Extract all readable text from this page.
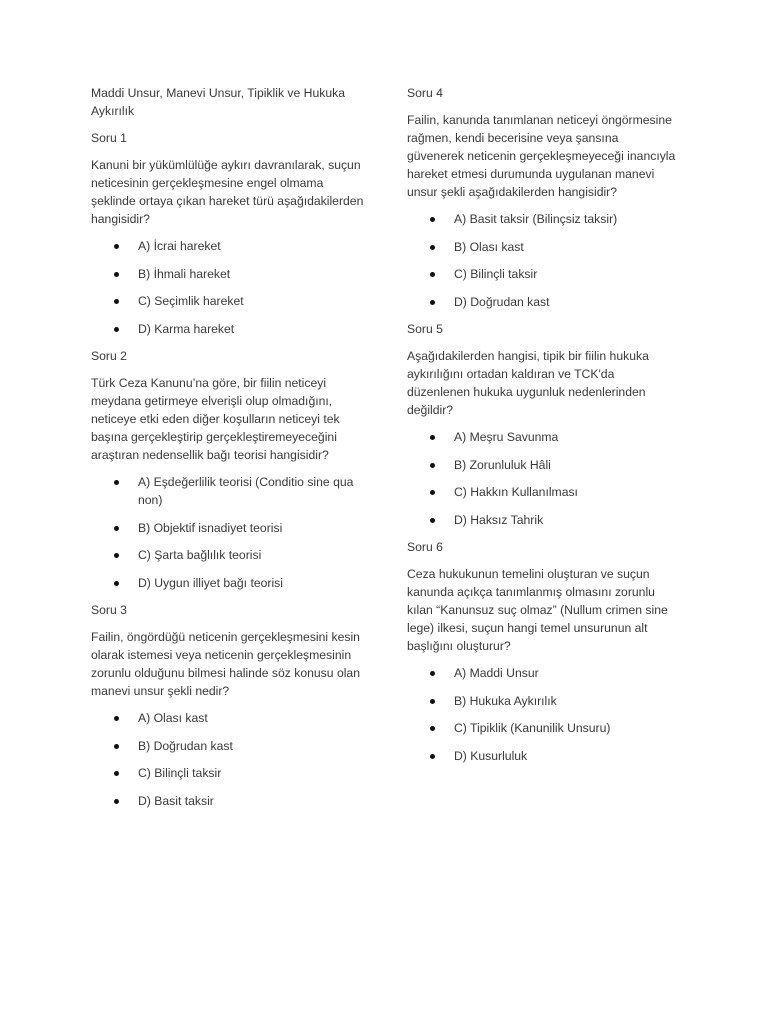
Maddi Unsur, Manevi Unsur, Tipiklik ve Hukuka Aykırılık

Soru 1

Kanuni bir yükümlülüğe aykırı davranılarak, suçun neticesinin gerçekleşmesine engel olmama şeklinde ortaya çıkan hareket türü aşağıdakilerden hangisidir?

A) İcrai hareket
B) İhmali hareket
C) Seçimlik hareket
D) Karma hareket

Soru 2

Türk Ceza Kanunu’na göre, bir fiilin neticeyi meydana getirmeye elverişli olup olmadığını, neticeye etki eden diğer koşulların neticeyi tek başına gerçekleştirip gerçekleştiremeyeceğini araştıran nedensellik bağı teorisi hangisidir?

A) Eşdeğerlilik teorisi (Conditio sine qua non)
B) Objektif isnadiyet teorisi
C) Şarta bağlılık teorisi
D) Uygun illiyet bağı teorisi

Soru 3

Failin, öngördüğü neticenin gerçekleşmesini kesin olarak istemesi veya neticenin gerçekleşmesinin zorunlu olduğunu bilmesi halinde söz konusu olan manevi unsur şekli nedir?

A) Olası kast
B) Doğrudan kast
C) Bilinçli taksir
D) Basit taksir

Soru 4

Failin, kanunda tanımlanan neticeyi öngörmesine rağmen, kendi becerisine veya şansına güvenerek neticenin gerçekleşmeyeceği inancıyla hareket etmesi durumunda uygulanan manevi unsur şekli aşağıdakilerden hangisidir?

A) Basit taksir (Bilinçsiz taksir)
B) Olası kast
C) Bilinçli taksir
D) Doğrudan kast

Soru 5

Aşağıdakilerden hangisi, tipik bir fiilin hukuka aykırılığını ortadan kaldıran ve TCK'da düzenlenen hukuka uygunluk nedenlerinden değildir?

A) Meşru Savunma
B) Zorunluluk Hâli
C) Hakkın Kullanılması
D) Haksız Tahrik

Soru 6

Ceza hukukunun temelini oluşturan ve suçun kanunda açıkça tanımlanmış olmasını zorunlu kılan “Kanunsuz suç olmaz” (Nullum crimen sine lege) ilkesi, suçun hangi temel unsurunun alt başlığını oluşturur?

A) Maddi Unsur
B) Hukuka Aykırılık
C) Tipiklik (Kanunilik Unsuru)
D) Kusurluluk
